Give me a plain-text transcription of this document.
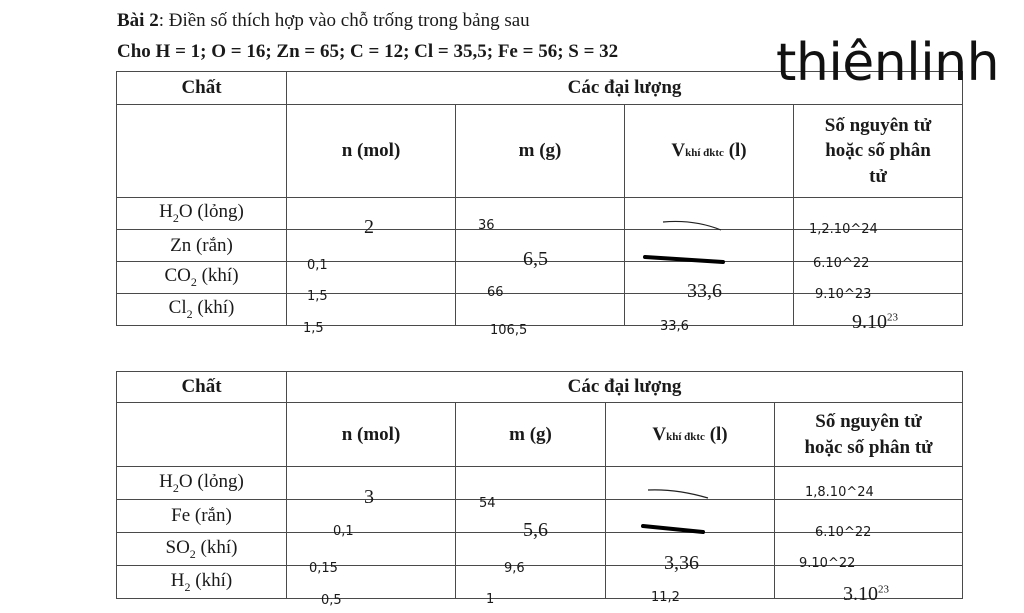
Bài 2: Điền số thích hợp vào chỗ trống trong bảng sau
Cho H = 1; O = 16; Zn = 65; C = 12; Cl = 35,5; Fe = 56; S = 32
Chất	Các đại lượng			
	n (mol)	m (g)	Vkhí đktc (l)	Số nguyên tử
hoặc số phân
tử
$H_2O$ (lỏng)	2	36		1,2.10^24

Zn (rắn)	0,1	6,5		6.10^22

$CO_2$ (khí)	1,5	66	33,6	9.10^23

$Cl_2$ (khí)	1,5	106,5	33,6	9.10$^{23}$
Chất	Các đại lượng			
	n (mol)	m (g)	Vkhí đktc (l)	Số nguyên tử
hoặc số phân tử
$H_2O$ (lỏng)	3	54		1,8.10^24

Fe (rắn)	0,1	5,6		6.10^22

$SO_2$ (khí)	0,15	9,6	3,36	9.10^22

$H_2$ (khí)	0,5	1	11,2	3.10$^{23}$
thiênlinh
